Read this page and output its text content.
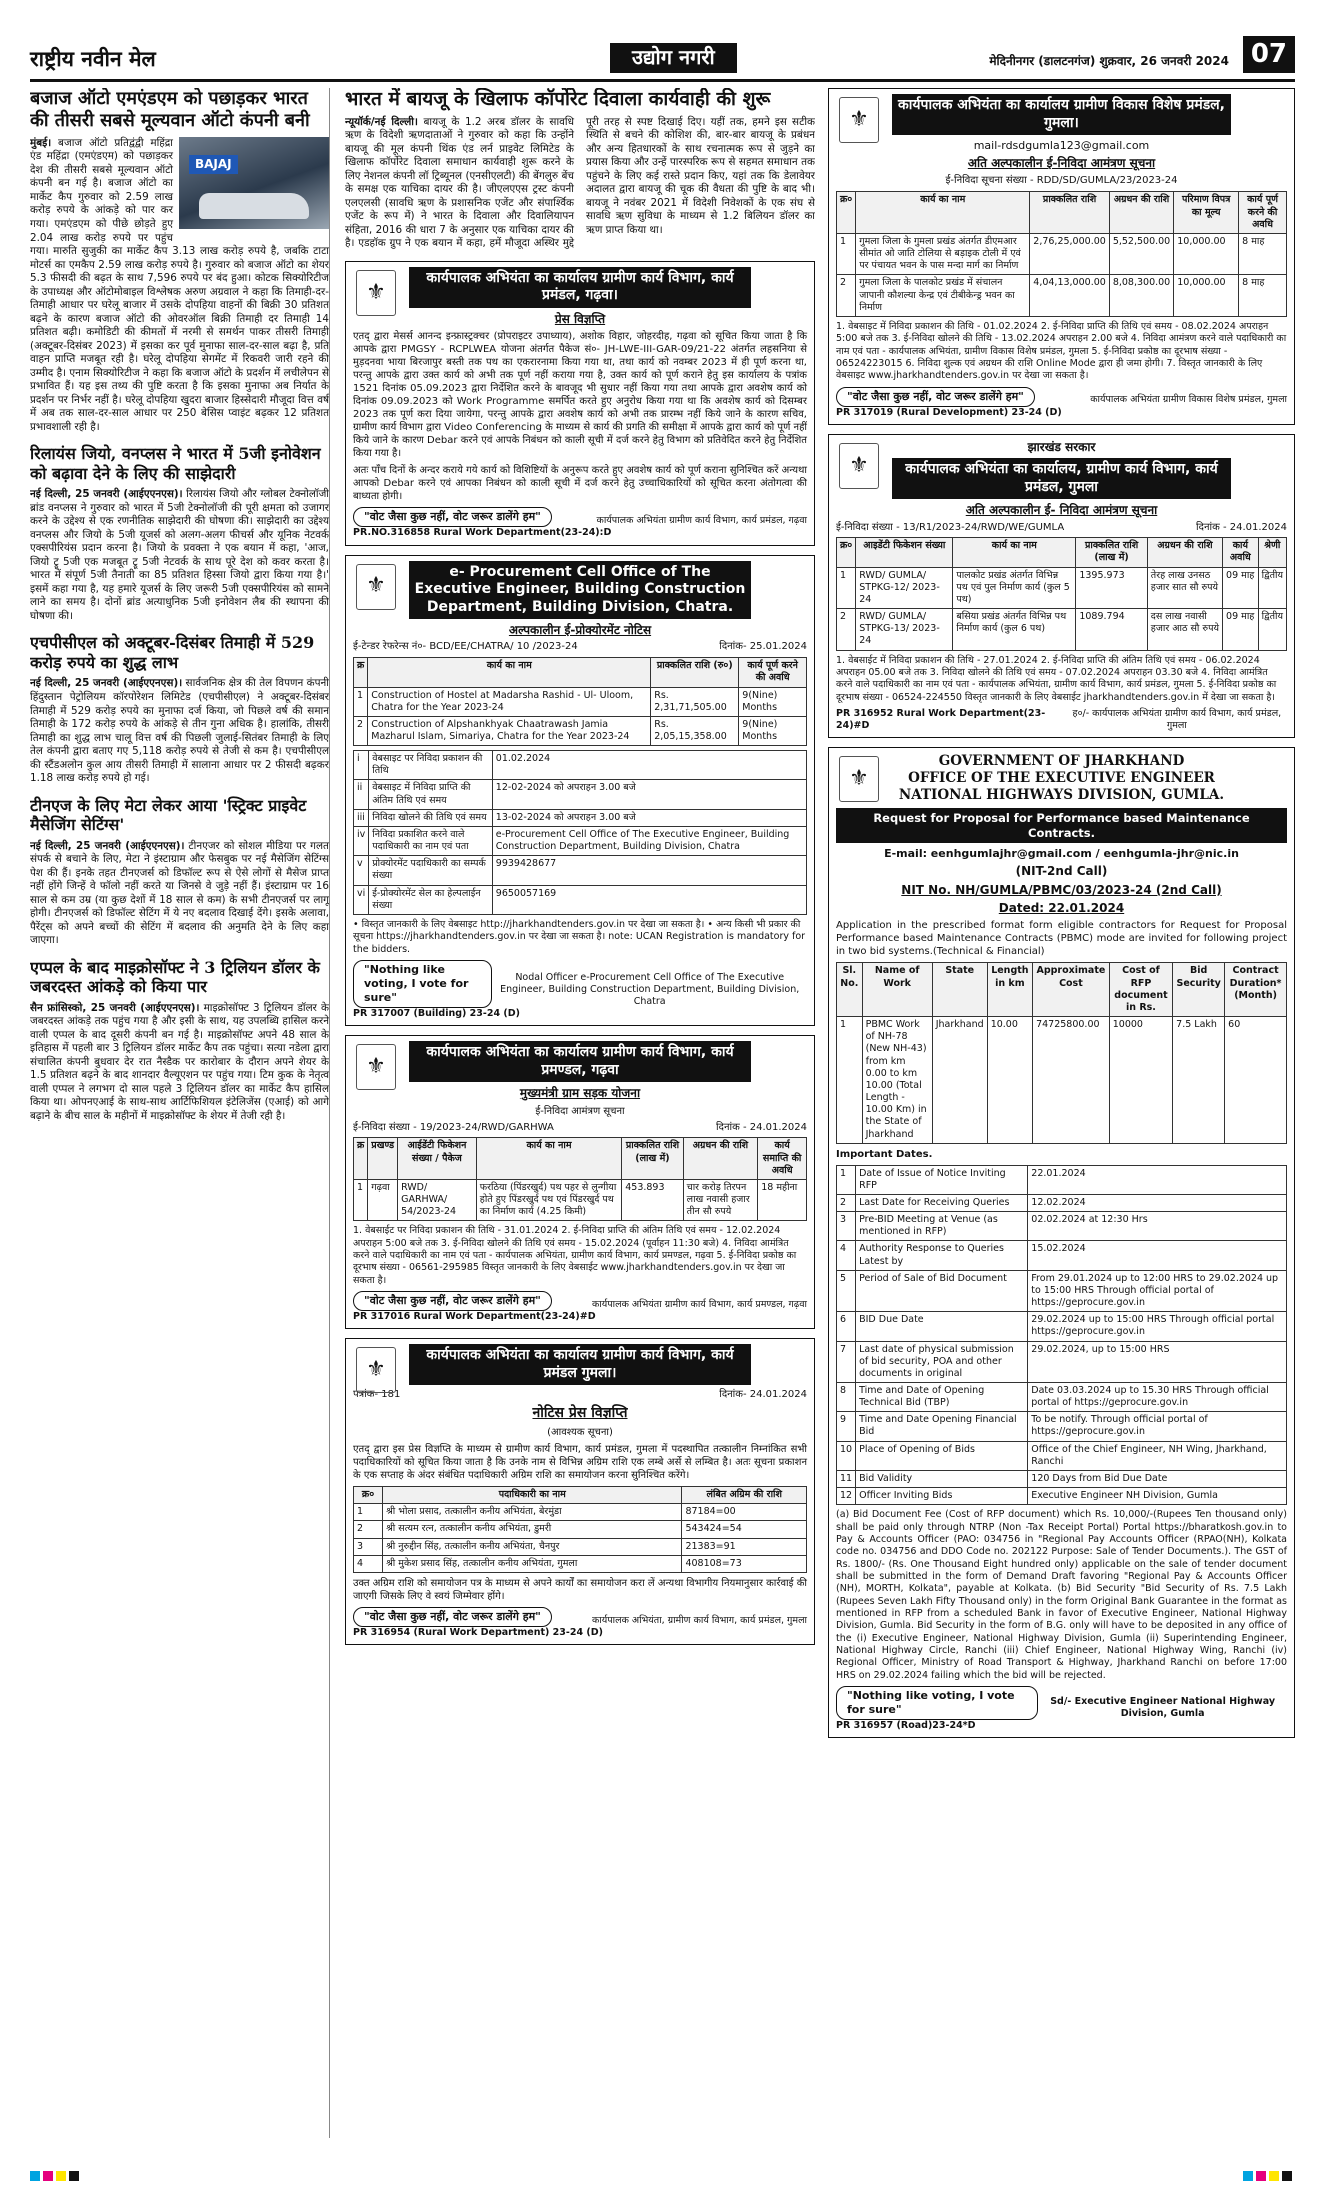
राष्ट्रीय नवीन मेल	उद्योग नगरी	मेदिनीनगर (डालटनगंज) शुक्रवार, 26 जनवरी 2024 07
बजाज ऑटो एमएंडएम को पछाड़कर भारत की तीसरी सबसे मूल्यवान ऑटो कंपनी बनी
BAJAJ

मुंबई। बजाज ऑटो प्रतिद्वंद्वी महिंद्रा एंड महिंद्रा (एमएंडएम) को पछाड़कर देश की तीसरी सबसे मूल्यवान ऑटो कंपनी बन गई है। बजाज ऑटो का मार्केट कैप गुरुवार को 2.59 लाख करोड़ रुपये के आंकड़े को पार कर गया। एमएंडएम को पीछे छोड़ते हुए 2.04 लाख करोड़ रुपये पर पहुंच गया। मारुति सुजुकी का मार्केट कैप 3.13 लाख करोड़ रुपये है, जबकि टाटा मोटर्स का एमकैप 2.59 लाख करोड़ रुपये है। गुरुवार को बजाज ऑटो का शेयर 5.3 फीसदी की बढ़त के साथ 7,596 रुपये पर बंद हुआ। कोटक सिक्योरिटीज के उपाध्यक्ष और ऑटोमोबाइल विश्लेषक अरुण अग्रवाल ने कहा कि तिमाही-दर-तिमाही आधार पर घरेलू बाजार में उसके दोपहिया वाहनों की बिक्री 30 प्रतिशत बढ़ने के कारण बजाज ऑटो की ओवरऑल बिक्री तिमाही दर तिमाही 14 प्रतिशत बढ़ी। कमोडिटी की कीमतों में नरमी से समर्थन पाकर तीसरी तिमाही (अक्टूबर-दिसंबर 2023) में इसका कर पूर्व मुनाफा साल-दर-साल बढ़ा है, प्रति वाहन प्राप्ति मजबूत रही है। घरेलू दोपहिया सेगमेंट में रिकवरी जारी रहने की उम्मीद है। एनाम सिक्योरिटीज ने कहा कि बजाज ऑटो के प्रदर्शन में लचीलेपन से प्रभावित हैं। यह इस तथ्य की पुष्टि करता है कि इसका मुनाफा अब निर्यात के प्रदर्शन पर निर्भर नहीं है। घरेलू दोपहिया खुदरा बाजार हिस्सेदारी मौजूदा वित्त वर्ष में अब तक साल-दर-साल आधार पर 250 बेसिस प्वाइंट बढ़कर 12 प्रतिशत प्रभावशाली रही है।

रिलायंस जियो, वनप्लस ने भारत में 5जी इनोवेशन को बढ़ावा देने के लिए की साझेदारी

नई दिल्ली, 25 जनवरी (आईएएनएस)। रिलायंस जियो और ग्लोबल टेक्नोलॉजी ब्रांड वनप्लस ने गुरुवार को भारत में 5जी टेक्नोलॉजी की पूरी क्षमता को उजागर करने के उद्देश्य से एक रणनीतिक साझेदारी की घोषणा की। साझेदारी का उद्देश्य वनप्लस और जियो के 5जी यूजर्स को अलग-अलग फीचर्स और यूनिक नेटवर्क एक्सपीरियंस प्रदान करना है। जियो के प्रवक्ता ने एक बयान में कहा, 'आज, जियो ट्रू 5जी एक मजबूत ट्रू 5जी नेटवर्क के साथ पूरे देश को कवर करता है। भारत में संपूर्ण 5जी तैनाती का 85 प्रतिशत हिस्सा जियो द्वारा किया गया है।' इसमें कहा गया है, यह हमारे यूजर्स के लिए जरूरी 5जी एक्सपीरियंस को सामने लाने का समय है। दोनों ब्रांड अत्याधुनिक 5जी इनोवेशन लैब की स्थापना की घोषणा की।

एचपीसीएल को अक्टूबर-दिसंबर तिमाही में 529 करोड़ रुपये का शुद्ध लाभ

नई दिल्ली, 25 जनवरी (आईएएनएस)। सार्वजनिक क्षेत्र की तेल विपणन कंपनी हिंदुस्तान पेट्रोलियम कॉरपोरेशन लिमिटेड (एचपीसीएल) ने अक्टूबर-दिसंबर तिमाही में 529 करोड़ रुपये का मुनाफा दर्ज किया, जो पिछले वर्ष की समान तिमाही के 172 करोड़ रुपये के आंकड़े से तीन गुना अधिक है। हालांकि, तीसरी तिमाही का शुद्ध लाभ चालू वित्त वर्ष की पिछली जुलाई-सितंबर तिमाही के लिए तेल कंपनी द्वारा बताए गए 5,118 करोड़ रुपये से तेजी से कम है। एचपीसीएल की स्टैंडअलोन कुल आय तीसरी तिमाही में सालाना आधार पर 2 फीसदी बढ़कर 1.18 लाख करोड़ रुपये हो गई।

टीनएज के लिए मेटा लेकर आया 'स्ट्रिक्ट प्राइवेट मैसेजिंग सेटिंग्स'

नई दिल्ली, 25 जनवरी (आईएएनएस)। टीनएजर को सोशल मीडिया पर गलत संपर्क से बचाने के लिए, मेटा ने इंस्टाग्राम और फेसबुक पर नई मैसेजिंग सेटिंग्स पेश की हैं। इनके तहत टीनएजर्स को डिफॉल्ट रूप से ऐसे लोगों से मैसेज प्राप्त नहीं होंगे जिन्हें वे फॉलो नहीं करते या जिनसे वे जुड़े नहीं हैं। इंस्टाग्राम पर 16 साल से कम उम्र (या कुछ देशों में 18 साल से कम) के सभी टीनएजर्स पर लागू होगी। टीनएजर्स को डिफॉल्ट सेटिंग में ये नए बदलाव दिखाई देंगे। इसके अलावा, पैरेंट्स को अपने बच्चों की सेटिंग में बदलाव की अनुमति देने के लिए कहा जाएगा।

एप्पल के बाद माइक्रोसॉफ्ट ने 3 ट्रिलियन डॉलर के जबरदस्त आंकड़े को किया पार

सैन फ्रांसिस्को, 25 जनवरी (आईएएनएस)। माइक्रोसॉफ्ट 3 ट्रिलियन डॉलर के जबरदस्त आंकड़े तक पहुंच गया है और इसी के साथ, यह उपलब्धि हासिल करने वाली एप्पल के बाद दूसरी कंपनी बन गई है। माइक्रोसॉफ्ट अपने 48 साल के इतिहास में पहली बार 3 ट्रिलियन डॉलर मार्केट कैप तक पहुंचा। सत्या नडेला द्वारा संचालित कंपनी बुधवार देर रात नैस्डैक पर कारोबार के दौरान अपने शेयर के 1.5 प्रतिशत बढ़ने के बाद शानदार वैल्यूएशन पर पहुंच गया। टिम कुक के नेतृत्व वाली एप्पल ने लगभग दो साल पहले 3 ट्रिलियन डॉलर का मार्केट कैप हासिल किया था। ओपनएआई के साथ-साथ आर्टिफिशियल इंटेलिजेंस (एआई) को आगे बढ़ाने के बीच साल के महीनों में माइक्रोसॉफ्ट के शेयर में तेजी रही है।

भारत में बायजू के खिलाफ कॉर्पोरेट दिवाला कार्यवाही की शुरू
न्यूयॉर्क/नई दिल्ली। बायजू के 1.2 अरब डॉलर के सावधि ऋण के विदेशी ऋणदाताओं ने गुरुवार को कहा कि उन्होंने बायजू की मूल कंपनी थिंक एंड लर्न प्राइवेट लिमिटेड के खिलाफ कॉर्पोरेट दिवाला समाधान कार्यवाही शुरू करने के लिए नेशनल कंपनी लॉ ट्रिब्यूनल (एनसीएलटी) की बेंगलुरु बेंच के समक्ष एक याचिका दायर की है। जीएलएएस ट्रस्ट कंपनी एलएलसी (सावधि ऋण के प्रशासनिक एजेंट और संपार्श्विक एजेंट के रूप में) ने भारत के दिवाला और दिवालियापन संहिता, 2016 की धारा 7 के अनुसार एक याचिका दायर की है। एडहॉक ग्रुप ने एक बयान में कहा, हमें मौजूदा अस्थिर मुद्दे पूरी तरह से स्पष्ट दिखाई दिए। यहीं तक, हमने इस सटीक स्थिति से बचने की कोशिश की, बार-बार बायजू के प्रबंधन और अन्य हितधारकों के साथ रचनात्मक रूप से जुड़ने का प्रयास किया और उन्हें पारस्परिक रूप से सहमत समाधान तक पहुंचने के लिए कई रास्ते प्रदान किए, यहां तक कि डेलावेयर अदालत द्वारा बायजू की चूक की वैधता की पुष्टि के बाद भी। बायजू ने नवंबर 2021 में विदेशी निवेशकों के एक संघ से सावधि ऋण सुविधा के माध्यम से 1.2 बिलियन डॉलर का ऋण प्राप्त किया था।
⚜
कार्यपालक अभियंता का कार्यालय ग्रामीण कार्य विभाग, कार्य प्रमंडल, गढ़वा।
प्रेस विज्ञप्ति
एतद् द्वारा मेसर्स आनन्द इन्फ्रास्ट्रक्चर (प्रोपराइटर उपाध्याय), अशोक विहार, जोहरदीह, गढ़वा को सूचित किया जाता है कि आपके द्वारा PMGSY - RCPLWEA योजना अंतर्गत पैकेज सं०- JH-LWE-III-GAR-09/21-22 अंतर्गत लहसनिया से मुड़दनवा भाया बिरजापुर बस्ती तक पथ का एकरारनामा किया गया था, तथा कार्य को नवम्बर 2023 में ही पूर्ण करना था, परन्तु आपके द्वारा उक्त कार्य को अभी तक पूर्ण नहीं कराया गया है, उक्त कार्य को पूर्ण कराने हेतु इस कार्यालय के पत्रांक 1521 दिनांक 05.09.2023 द्वारा निर्देशित करने के बावजूद भी सुधार नहीं किया गया तथा आपके द्वारा अवशेष कार्य को दिनांक 09.09.2023 को Work Programme समर्पित करते हुए अनुरोध किया गया था कि अवशेष कार्य को दिसम्बर 2023 तक पूर्ण करा दिया जायेगा, परन्तु आपके द्वारा अवशेष कार्य को अभी तक प्रारम्भ नहीं किये जाने के कारण सचिव, ग्रामीण कार्य विभाग द्वारा Video Conferencing के माध्यम से कार्य की प्रगति की समीक्षा में आपके द्वारा कार्य को पूर्ण नहीं किये जाने के कारण Debar करने एवं आपके निबंधन को काली सूची में दर्ज करने हेतु विभाग को प्रतिवेदित करने हेतु निर्देशित किया गया है।
अतः पाँच दिनों के अन्दर कराये गये कार्य को विशिष्टियों के अनुरूप करते हुए अवशेष कार्य को पूर्ण कराना सुनिश्चित करें अन्यथा आपको Debar करने एवं आपका निबंधन को काली सूची में दर्ज करने हेतु उच्चाधिकारियों को सूचित करना अंतोगत्वा की बाध्यता होगी।
"वोट जैसा कुछ नहीं, वोट जरूर डालेंगे हम"	कार्यपालक अभियंता ग्रामीण कार्य विभाग, कार्य प्रमंडल, गढ़वा
PR.NO.316858 Rural Work Department(23-24):D
⚜
e- Procurement Cell Office of The Executive Engineer, Building Construction Department, Building Division, Chatra.
अल्पकालीन ई-प्रोक्योरमेंट नोटिस
ई-टेन्डर रेफरेन्स नं०- BCD/EE/CHATRA/ 10 /2023-24	दिनांक- 25.01.2024
क्र	कार्य का नाम	प्राक्कलित राशि (रु०)	कार्य पूर्ण करने की अवधि
1	Construction of Hostel at Madarsha Rashid - Ul- Uloom, Chatra for the Year 2023-24	Rs. 2,31,71,505.00	9(Nine) Months
2	Construction of Alpshankhyak Chaatrawash Jamia Mazharul Islam, Simariya, Chatra for the Year 2023-24	Rs. 2,05,15,358.00	9(Nine) Months
i	वेबसाइट पर निविदा प्रकाशन की तिथि	01.02.2024
ii	वेबसाइट में निविदा प्राप्ति की अंतिम तिथि एवं समय	12-02-2024 को अपराहन 3.00 बजे
iii	निविदा खोलने की तिथि एवं समय	13-02-2024 को अपराहन 3.00 बजे
iv	निविदा प्रकाशित करने वाले पदाधिकारी का नाम एवं पता	e-Procurement Cell Office of The Executive Engineer, Building Construction Department, Building Division, Chatra
v	प्रोक्योरमेंट पदाधिकारी का सम्पर्क संख्या	9939428677
vi	ई-प्रोक्योरमेंट सेल का हेल्पलाईन संख्या	9650057169
• विस्तृत जानकारी के लिए वेबसाइट http://jharkhandtenders.gov.in पर देखा जा सकता है। • अन्य किसी भी प्रकार की सूचना https://jharkhandtenders.gov.in पर देखा जा सकता है। note: UCAN Registration is mandatory for the bidders.
"Nothing like voting, I vote for sure"
Nodal Officer e-Procurement Cell Office of The Executive Engineer, Building Construction Department, Building Division, Chatra
PR 317007 (Building) 23-24 (D)
⚜
कार्यपालक अभियंता का कार्यालय ग्रामीण कार्य विभाग, कार्य प्रमण्डल, गढ़वा
मुख्यमंत्री ग्राम सड़क योजना
ई-निविदा आमंत्रण सूचना
ई-निविदा संख्या - 19/2023-24/RWD/GARHWA	दिनांक - 24.01.2024
क्र	प्रखण्ड	आईडेंटी फिकेशन संख्या / पैकेज	कार्य का नाम	प्राक्कलित राशि (लाख में)	अग्रधन की राशि	कार्य समाप्ति की अवधि
1	गढ़वा	RWD/ GARHWA/ 54/2023-24	फरठिया (पिंडरखुर्द) पथ पहर से लुन्गीया होते हुए पिंडरखुर्द पथ एवं पिंडरखुर्द पथ का निर्माण कार्य (4.25 किमी)	453.893	चार करोड़ तिरपन लाख नवासी हजार तीन सौ रुपये	18 महीना
1. वेबसाईट पर निविदा प्रकाशन की तिथि - 31.01.2024 2. ई-निविदा प्राप्ति की अंतिम तिथि एवं समय - 12.02.2024 अपराहन 5:00 बजे तक 3. ई-निविदा खोलने की तिथि एवं समय - 15.02.2024 (पूर्वाहन 11:30 बजे) 4. निविदा आमंत्रित करने वाले पदाधिकारी का नाम एवं पता - कार्यपालक अभियंता, ग्रामीण कार्य विभाग, कार्य प्रमण्डल, गढ़वा 5. ई-निविदा प्रकोष्ठ का दूरभाष संख्या - 06561-295985 विस्तृत जानकारी के लिए वेबसाईट www.jharkhandtenders.gov.in पर देखा जा सकता है।
"वोट जैसा कुछ नहीं, वोट जरूर डालेंगे हम"	कार्यपालक अभियंता ग्रामीण कार्य विभाग, कार्य प्रमण्डल, गढ़वा
PR 317016 Rural Work Department(23-24)#D
⚜
कार्यपालक अभियंता का कार्यालय ग्रामीण कार्य विभाग, कार्य प्रमंडल गुमला।
पत्रांक- 181	दिनांक- 24.01.2024
नोटिस प्रेस विज्ञप्ति
(आवश्यक सूचना)
एतद् द्वारा इस प्रेस विज्ञप्ति के माध्यम से ग्रामीण कार्य विभाग, कार्य प्रमंडल, गुमला में पदस्थापित तत्कालीन निम्नांकित सभी पदाधिकारियों को सूचित किया जाता है कि उनके नाम से विभिन्न अग्रिम राशि एक लम्बे अर्से से लम्बित है। अतः सूचना प्रकाशन के एक सप्ताह के अंदर संबंधित पदाधिकारी अग्रिम राशि का समायोजन करना सुनिश्चित करेंगे।
क्र०	पदाधिकारी का नाम	लंबित अग्रिम की राशि
1	श्री भोला प्रसाद, तत्कालीन कनीय अभियंता, बेरमुंडा	87184=00
2	श्री सत्यम रत्न, तत्कालीन कनीय अभियंता, डुमरी	543424=54
3	श्री नुरुद्दीन सिंह, तत्कालीन कनीय अभियंता, चैनपुर	21383=91
4	श्री मुकेश प्रसाद सिंह, तत्कालीन कनीय अभियंता, गुमला	408108=73
उक्त अग्रिम राशि को समायोजन पत्र के माध्यम से अपने कार्यों का समायोजन करा लें अन्यथा विभागीय नियमानुसार कार्रवाई की जाएगी जिसके लिए वे स्वयं जिम्मेवार होंगे।
"वोट जैसा कुछ नहीं, वोट जरूर डालेंगे हम"	कार्यपालक अभियंता, ग्रामीण कार्य विभाग, कार्य प्रमंडल, गुमला
PR 316954 (Rural Work Department) 23-24 (D)
⚜
कार्यपालक अभियंता का कार्यालय ग्रामीण विकास विशेष प्रमंडल, गुमला।
mail-rdsdgumla123@gmail.com
अति अल्पकालीन ई-निविदा आमंत्रण सूचना
ई-निविदा सूचना संख्या - RDD/SD/GUMLA/23/2023-24
क्र०	कार्य का नाम	प्राक्कलित राशि	अग्रधन की राशि	परिमाण विपत्र का मूल्य	कार्य पूर्ण करने की अवधि
1	गुमला जिला के गुमला प्रखंड अंतर्गत डीएमआर सीमांत ओ जाति टोलिया से बड़ाइक टोली में एवं पर पंचायत भवन के पास मन्दा मार्ग का निर्माण	2,76,25,000.00	5,52,500.00	10,000.00	8 माह
2	गुमला जिला के पालकोट प्रखंड में संचालन जापानी कौशल्या केन्द्र एवं टीबीकेन्ड्र भवन का निर्माण	4,04,13,000.00	8,08,300.00	10,000.00	8 माह
1. वेबसाइट में निविदा प्रकाशन की तिथि - 01.02.2024 2. ई-निविदा प्राप्ति की तिथि एवं समय - 08.02.2024 अपराहन 5:00 बजे तक 3. ई-निविदा खोलने की तिथि - 13.02.2024 अपराहन 2.00 बजे 4. निविदा आमंत्रण करने वाले पदाधिकारी का नाम एवं पता - कार्यपालक अभियंता, ग्रामीण विकास विशेष प्रमंडल, गुमला 5. ई-निविदा प्रकोष्ठ का दूरभाष संख्या - 06524223015 6. निविदा शुल्क एवं अग्रधन की राशि Online Mode द्वारा ही जमा होगी। 7. विस्तृत जानकारी के लिए वेबसाइट www.jharkhandtenders.gov.in पर देखा जा सकता है।
"वोट जैसा कुछ नहीं, वोट जरूर डालेंगे हम"	कार्यपालक अभियंता ग्रामीण विकास विशेष प्रमंडल, गुमला
PR 317019 (Rural Development) 23-24 (D)
⚜
झारखंड सरकार
कार्यपालक अभियंता का कार्यालय, ग्रामीण कार्य विभाग, कार्य प्रमंडल, गुमला
अति अल्पकालीन ई- निविदा आमंत्रण सूचना
ई-निविदा संख्या - 13/R1/2023-24/RWD/WE/GUMLA	दिनांक - 24.01.2024
क्र०	आइडेंटी फिकेशन संख्या	कार्य का नाम	प्राक्कलित राशि (लाख में)	अग्रधन की राशि	कार्य अवधि	श्रेणी
1	RWD/ GUMLA/ STPKG-12/ 2023-24	पालकोट प्रखंड अंतर्गत विभिन्न पथ एवं पुल निर्माण कार्य (कुल 5 पथ)	1395.973	तेरह लाख उनसठ हजार सात सौ रुपये	09 माह	द्वितीय
2	RWD/ GUMLA/ STPKG-13/ 2023-24	बसिया प्रखंड अंतर्गत विभिन्न पथ निर्माण कार्य (कुल 6 पथ)	1089.794	दस लाख नवासी हजार आठ सौ रुपये	09 माह	द्वितीय
1. वेबसाईट में निविदा प्रकाशन की तिथि - 27.01.2024 2. ई-निविदा प्राप्ति की अंतिम तिथि एवं समय - 06.02.2024 अपराहन 05.00 बजे तक 3. निविदा खोलने की तिथि एवं समय - 07.02.2024 अपराहन 03.30 बजे 4. निविदा आमंत्रित करने वाले पदाधिकारी का नाम एवं पता - कार्यपालक अभियंता, ग्रामीण कार्य विभाग, कार्य प्रमंडल, गुमला 5. ई-निविदा प्रकोष्ठ का दूरभाष संख्या - 06524-224550 विस्तृत जानकारी के लिए वेबसाईट jharkhandtenders.gov.in में देखा जा सकता है।
PR 316952 Rural Work Department(23-24)#D
ह०/- कार्यपालक अभियंता ग्रामीण कार्य विभाग, कार्य प्रमंडल, गुमला
⚜
GOVERNMENT OF JHARKHAND
OFFICE OF THE EXECUTIVE ENGINEER
NATIONAL HIGHWAYS DIVISION, GUMLA.
Request for Proposal for Performance based Maintenance Contracts.
E-mail: eenhgumlajhr@gmail.com / eenhgumla-jhr@nic.in
(NIT-2nd Call)
NIT No. NH/GUMLA/PBMC/03/2023-24 (2nd Call)
Dated: 22.01.2024
Application in the prescribed format form eligible contractors for Request for Proposal Performance based Maintenance Contracts (PBMC) mode are invited for following project in two bid systems.(Technical & Financial)
Sl. No.	Name of Work	State	Length in km	Approximate Cost	Cost of RFP document in Rs.	Bid Security	Contract Duration* (Month)
1	PBMC Work of NH-78 (New NH-43) from km 0.00 to km 10.00 (Total Length - 10.00 Km) in the State of Jharkhand	Jharkhand	10.00	74725800.00	10000	7.5 Lakh	60
Important Dates.
1	Date of Issue of Notice Inviting RFP	22.01.2024
2	Last Date for Receiving Queries	12.02.2024
3	Pre-BID Meeting at Venue (as mentioned in RFP)	02.02.2024 at 12:30 Hrs
4	Authority Response to Queries Latest by	15.02.2024
5	Period of Sale of Bid Document	From 29.01.2024 up to 12:00 HRS to 29.02.2024 up to 15:00 HRS Through official portal of https://geprocure.gov.in
6	BID Due Date	29.02.2024 up to 15:00 HRS Through official portal https://geprocure.gov.in
7	Last date of physical submission of bid security, POA and other documents in original	29.02.2024, up to 15:00 HRS
8	Time and Date of Opening Technical Bid (TBP)	Date 03.03.2024 up to 15.30 HRS Through official portal of https://geprocure.gov.in
9	Time and Date Opening Financial Bid	To be notify. Through official portal of https://geprocure.gov.in
10	Place of Opening of Bids	Office of the Chief Engineer, NH Wing, Jharkhand, Ranchi
11	Bid Validity	120 Days from Bid Due Date
12	Officer Inviting Bids	Executive Engineer NH Division, Gumla
(a) Bid Document Fee (Cost of RFP document) which Rs. 10,000/-(Rupees Ten thousand only) shall be paid only through NTRP (Non -Tax Receipt Portal) Portal https://bharatkosh.gov.in to Pay & Accounts Officer (PAO: 034756 in "Regional Pay Accounts Officer (RPAO(NH), Kolkata code no. 034756 and DDO Code no. 202122 Purpose: Sale of Tender Documents.). The GST of Rs. 1800/- (Rs. One Thousand Eight hundred only) applicable on the sale of tender document shall be submitted in the form of Demand Draft favoring "Regional Pay & Accounts Officer (NH), MORTH, Kolkata", payable at Kolkata. (b) Bid Security "Bid Security of Rs. 7.5 Lakh (Rupees Seven Lakh Fifty Thousand only) in the form Original Bank Guarantee in the format as mentioned in RFP from a scheduled Bank in favor of Executive Engineer, National Highway Division, Gumla. Bid Security in the form of B.G. only will have to be deposited in any office of the (i) Executive Engineer, National Highway Division, Gumla (ii) Superintending Engineer, National Highway Circle, Ranchi (iii) Chief Engineer, National Highway Wing, Ranchi (iv) Regional Officer, Ministry of Road Transport & Highway, Jharkhand Ranchi on before 17:00 HRS on 29.02.2024 failing which the bid will be rejected.
"Nothing like voting, I vote for sure"
Sd/- Executive Engineer National Highway Division, Gumla
PR 316957 (Road)23-24*D
